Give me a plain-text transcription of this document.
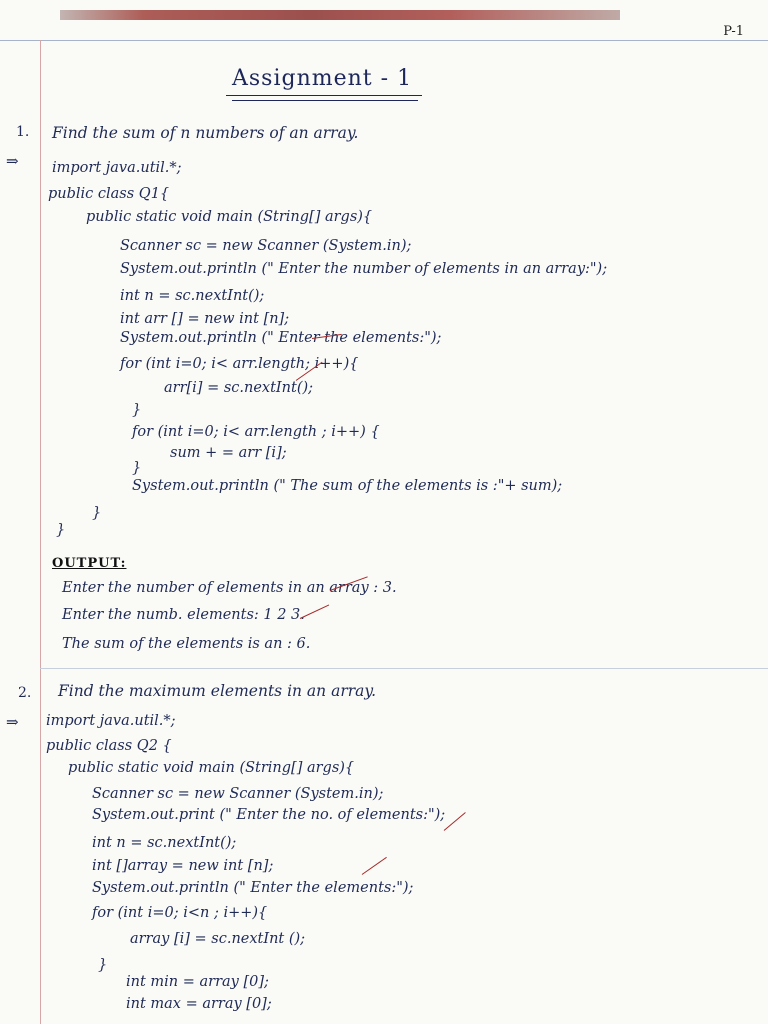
P-1
Assignment - 1
1. Find the sum of n numbers of an array.
⇒ import java.util.*;
public class Q1{
public static void main (String[] args){
Scanner sc = new Scanner (System.in);
System.out.println (" Enter the number of elements in an array:");
int n = sc.nextInt();
int arr [] = new int [n];
System.out.println (" Enter the elements:");
for (int i=0; i< arr.length; i++){
arr[i] = sc.nextInt();
}
for (int i=0; i< arr.length ; i++) {
sum + = arr [i];
}
System.out.println (" The sum of the elements is :"+ sum);
}
}
OUTPUT:
Enter the number of elements in an array : 3.
Enter the numb. elements: 1 2 3.
The sum of the elements is an : 6.
2. Find the maximum elements in an array.
⇒ import java.util.*;
public class Q2 {
public static void main (String[] args){
Scanner sc = new Scanner (System.in);
System.out.print (" Enter the no. of elements:");
int n = sc.nextInt();
int []array = new int [n];
System.out.println (" Enter the elements:");
for (int i=0; i<n ; i++){
array [i] = sc.nextInt ();
}
int min = array [0];
int max = array [0];
